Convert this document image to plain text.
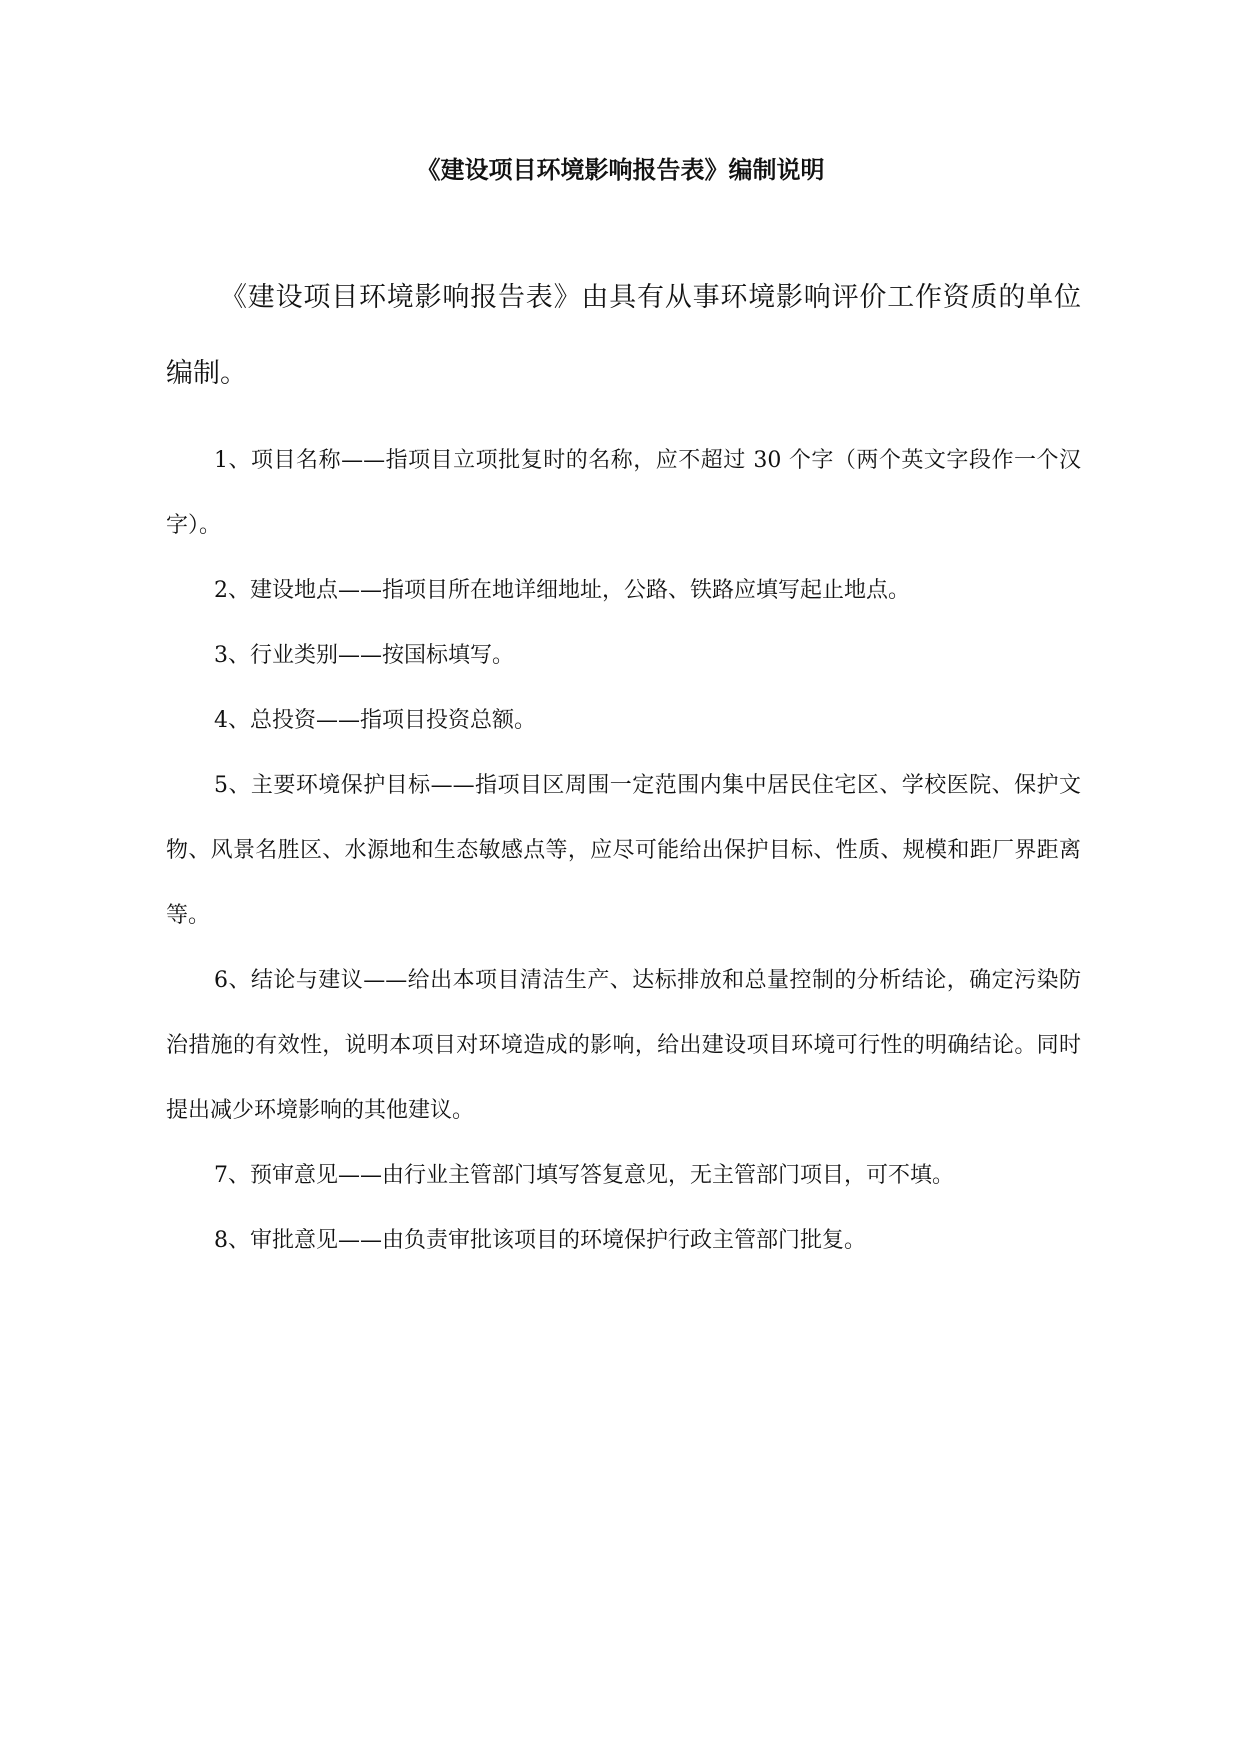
《建设项目环境影响报告表》编制说明

《建设项目环境影响报告表》由具有从事环境影响评价工作资质的单位编制。

1、项目名称——指项目立项批复时的名称，应不超过 30 个字（两个英文字段作一个汉字）。

2、建设地点——指项目所在地详细地址，公路、铁路应填写起止地点。

3、行业类别——按国标填写。

4、总投资——指项目投资总额。

5、主要环境保护目标——指项目区周围一定范围内集中居民住宅区、学校医院、保护文物、风景名胜区、水源地和生态敏感点等，应尽可能给出保护目标、性质、规模和距厂界距离等。

6、结论与建议——给出本项目清洁生产、达标排放和总量控制的分析结论，确定污染防治措施的有效性，说明本项目对环境造成的影响，给出建设项目环境可行性的明确结论。同时提出减少环境影响的其他建议。

7、预审意见——由行业主管部门填写答复意见，无主管部门项目，可不填。

8、审批意见——由负责审批该项目的环境保护行政主管部门批复。
